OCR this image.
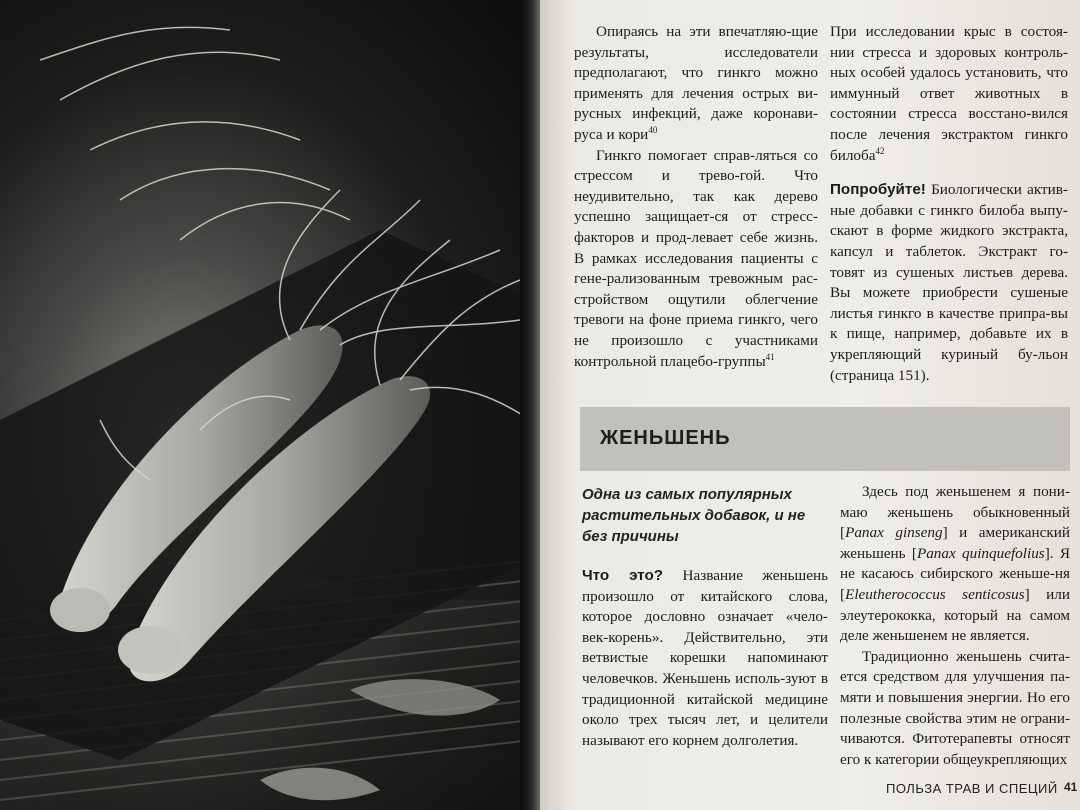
Опираясь на эти впечатляю-щие результаты, исследователи предполагают, что гинкго можно применять для лечения острых ви-русных инфекций, даже коронави-руса и кори$^{40}$

Гинкго помогает справ-ляться со стрессом и трево-гой. Что неудивительно, так как дерево успешно защищает-ся от стресс-факторов и прод-левает себе жизнь. В рамках исследования пациенты с гене-рализованным тревожным рас-стройством ощутили облегчение тревоги на фоне приема гинкго, чего не произошло с участниками контрольной плацебо-группы$^{41}$

При исследовании крыс в состоя-нии стресса и здоровых контроль-ных особей удалось установить, что иммунный ответ животных в состоянии стресса восстано-вился после лечения экстрактом гинкго билоба$^{42}$

Попробуйте! Биологически актив-ные добавки с гинкго билоба выпу-скают в форме жидкого экстракта, капсул и таблеток. Экстракт го-товят из сушеных листьев дерева. Вы можете приобрести сушеные листья гинкго в качестве припра-вы к пище, например, добавьте их в укрепляющий куриный бу-льон (страница 151).

ЖЕНЬШЕНЬ
Одна из самых популярных растительных добавок, и не без причины

Что это? Название женьшень произошло от китайского слова, которое дословно означает «чело-век-корень». Действительно, эти ветвистые корешки напоминают человечков. Женьшень исполь-зуют в традиционной китайской медицине около трех тысяч лет, и целители называют его корнем долголетия.

Здесь под женьшенем я пони-маю женьшень обыкновенный [Panax ginseng] и американский женьшень [Panax quinquefolius]. Я не касаюсь сибирского женьше-ня [Eleutherococcus senticosus] или элеутерококка, который на самом деле женьшенем не является.

Традиционно женьшень счита-ется средством для улучшения па-мяти и повышения энергии. Но его полезные свойства этим не ограни-чиваются. Фитотерапевты относят его к категории общеукрепляющих

ПОЛЬЗА ТРАВ И СПЕЦИЙ 41
